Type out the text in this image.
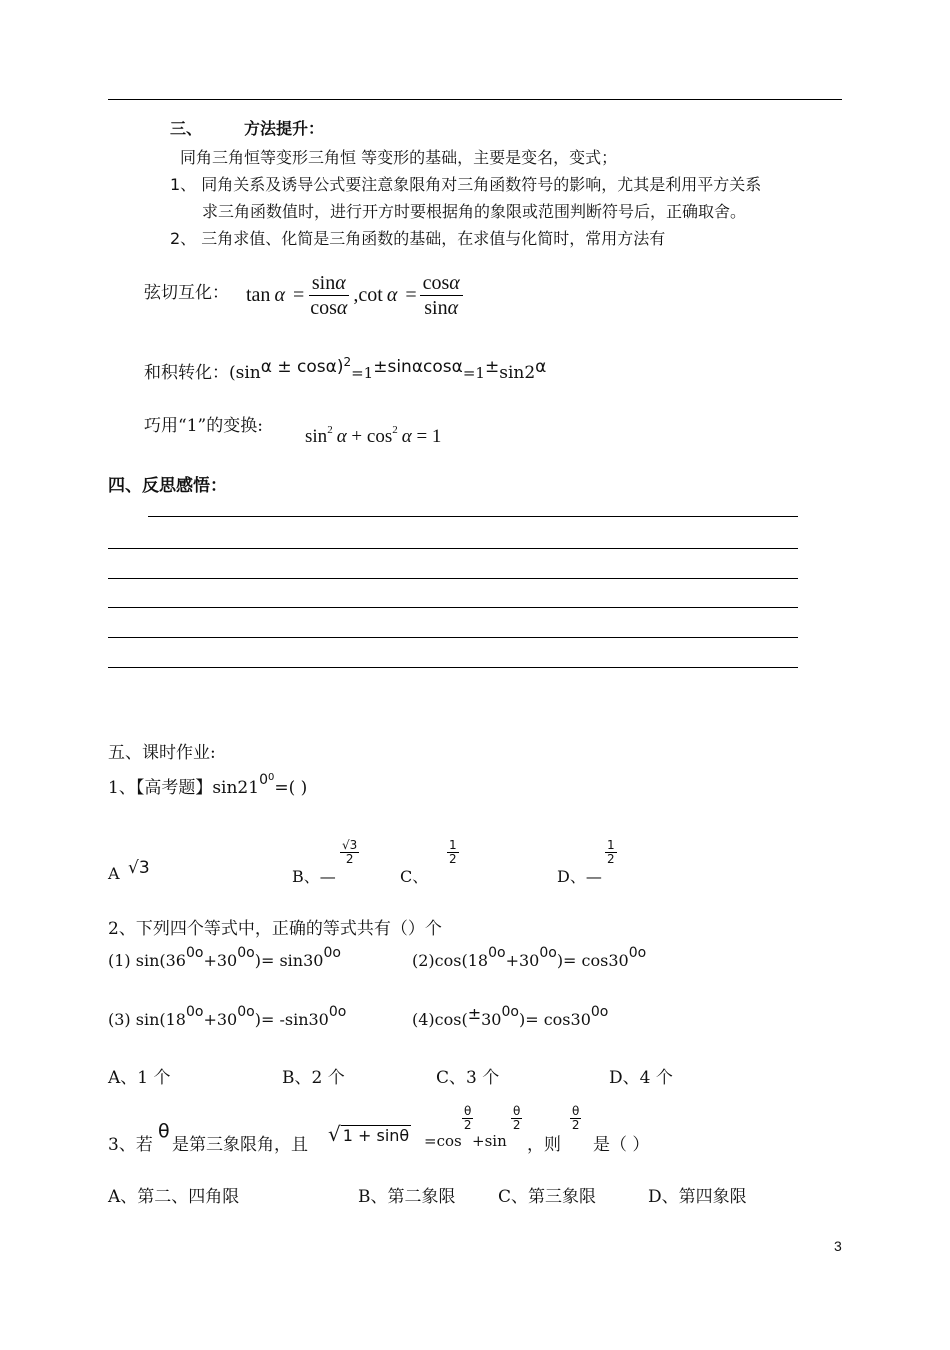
三、	方法提升：
同角三角恒等变形三角恒 等变形的基础，主要是变名，变式；
1、 同角关系及诱导公式要注意象限角对三角函数符号的影响，尤其是利用平方关系
求三角函数值时，进行开方时要根据角的象限或范围判断符号后，正确取舍。
2、 三角求值、化简是三角函数的基础，在求值与化简时，常用方法有
弦切互化： $\tan \alpha = \frac{\sin\alpha}{\cos\alpha}$ , $\cot \alpha = \frac{\cos\alpha}{\sin\alpha}$
和积转化：$(\sin\alpha \pm \cos\alpha)^2=1\pm\sin\alpha\cos\alpha=1\pm\sin 2\alpha$
巧用“1”的变换: $\sin^2 \alpha + \cos^2 \alpha = 1$
四、反思感悟：
五、课时作业:
1、【高考题】$\sin 21^{0^0}=$( )
A √3	B、—
$\frac{√3}{2}$
C、
$\frac{1}{2}$
D、—
$\frac{1}{2}$
2、下列四个等式中，正确的等式共有（）个
(1) sin(360o+300o)= sin300o	(2)cos(180o+300o)= cos300o
(3) sin(180o+300o)= -sin300o	(4)cos(±300o)= cos300o
A、1 个	B、2 个	C、3 个	D、4 个
3、若
θ
是第三象限角，且 √ 1 + sinθ =cos
$\frac{\theta}{2}$
+sin
$\frac{\theta}{2}$
，则
$\frac{\theta}{2}$
是（ ）
A、第二、四角限	B、第二象限	C、第三象限	D、第四象限
3
